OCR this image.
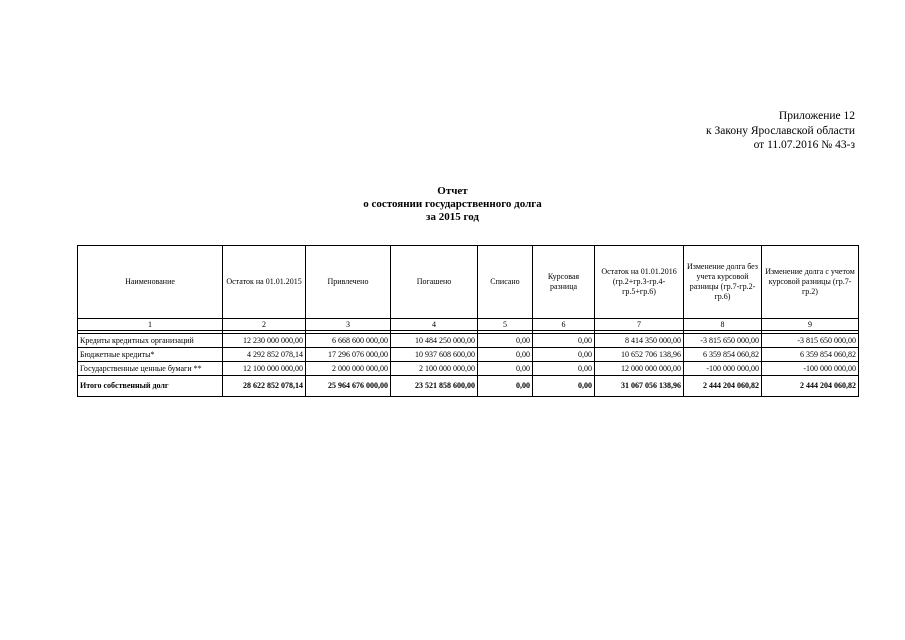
Приложение 12
к Закону Ярославской области
от 11.07.2016 № 43-з
Отчет
о состоянии государственного долга
за 2015 год
Наименование	Остаток на 01.01.2015	Привлечено	Погашено	Списано	Курсовая разница	Остаток на 01.01.2016 (гр.2+гр.3-гр.4-гр.5+гр.6)	Изменение долга без учета курсовой разницы (гр.7-гр.2-гр.6)	Изменение долга с учетом курсовой разницы (гр.7-гр.2)
1	2	3	4	5	6	7	8	9

Кредиты кредитных организаций	12 230 000 000,00	6 668 600 000,00	10 484 250 000,00	0,00	0,00	8 414 350 000,00	-3 815 650 000,00	-3 815 650 000,00
Бюджетные кредиты*	4 292 852 078,14	17 296 076 000,00	10 937 608 600,00	0,00	0,00	10 652 706 138,96	6 359 854 060,82	6 359 854 060,82
Государственные ценные бумаги **	12 100 000 000,00	2 000 000 000,00	2 100 000 000,00	0,00	0,00	12 000 000 000,00	-100 000 000,00	-100 000 000,00
Итого собственный долг	28 622 852 078,14	25 964 676 000,00	23 521 858 600,00	0,00	0,00	31 067 056 138,96	2 444 204 060,82	2 444 204 060,82
